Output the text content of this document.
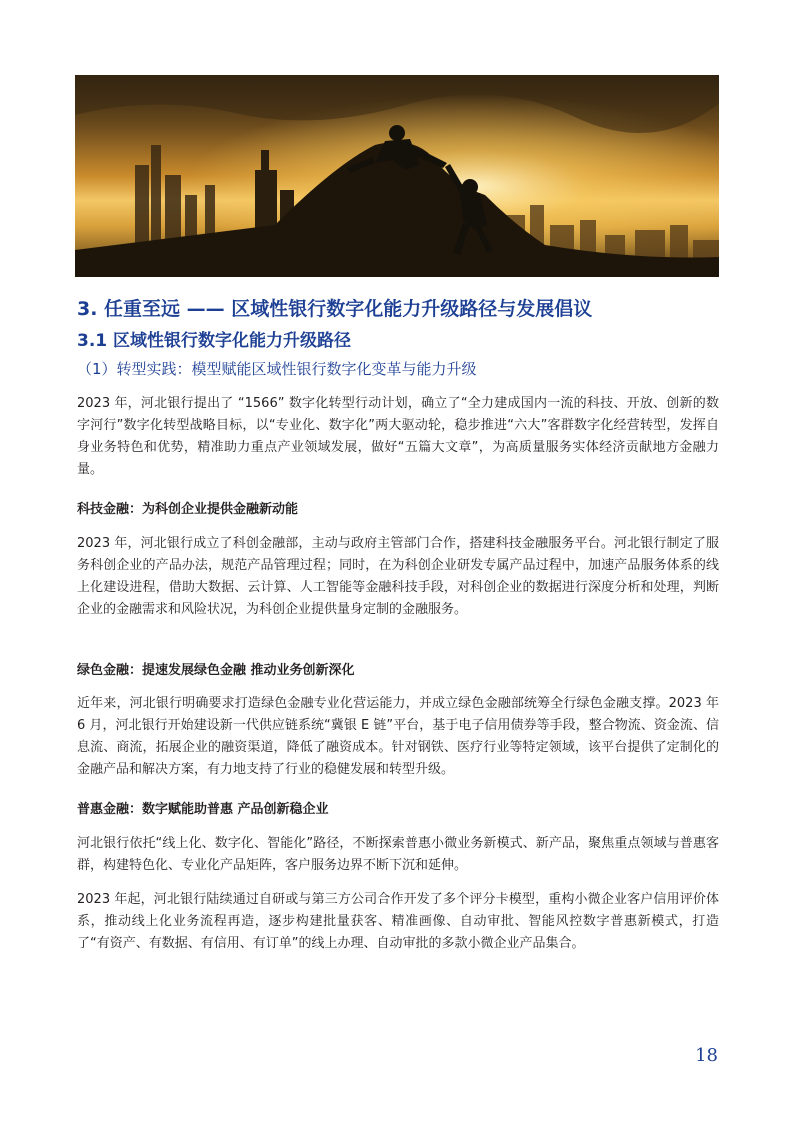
3. 任重至远 —— 区域性银行数字化能力升级路径与发展倡议
3.1 区域性银行数字化能力升级路径
（1）转型实践：模型赋能区域性银行数字化变革与能力升级

2023 年，河北银行提出了 “1566” 数字化转型行动计划，确立了“全力建成国内一流的科技、开放、创新的数字河行”数字化转型战略目标，以“专业化、数字化”两大驱动轮，稳步推进“六大”客群数字化经营转型，发挥自身业务特色和优势，精准助力重点产业领域发展，做好“五篇大文章”，为高质量服务实体经济贡献地方金融力量。

科技金融：为科创企业提供金融新动能

2023 年，河北银行成立了科创金融部，主动与政府主管部门合作，搭建科技金融服务平台。河北银行制定了服务科创企业的产品办法，规范产品管理过程；同时，在为科创企业研发专属产品过程中，加速产品服务体系的线上化建设进程，借助大数据、云计算、人工智能等金融科技手段，对科创企业的数据进行深度分析和处理，判断企业的金融需求和风险状况，为科创企业提供量身定制的金融服务。

绿色金融：提速发展绿色金融 推动业务创新深化

近年来，河北银行明确要求打造绿色金融专业化营运能力，并成立绿色金融部统筹全行绿色金融支撑。2023 年 6 月，河北银行开始建设新一代供应链系统“冀银 E 链”平台，基于电子信用债券等手段，整合物流、资金流、信息流、商流，拓展企业的融资渠道，降低了融资成本。针对钢铁、医疗行业等特定领域，该平台提供了定制化的金融产品和解决方案，有力地支持了行业的稳健发展和转型升级。

普惠金融：数字赋能助普惠 产品创新稳企业

河北银行依托“线上化、数字化、智能化”路径，不断探索普惠小微业务新模式、新产品，聚焦重点领域与普惠客群，构建特色化、专业化产品矩阵，客户服务边界不断下沉和延伸。

2023 年起，河北银行陆续通过自研或与第三方公司合作开发了多个评分卡模型，重构小微企业客户信用评价体系，推动线上化业务流程再造，逐步构建批量获客、精准画像、自动审批、智能风控数字普惠新模式，打造了“有资产、有数据、有信用、有订单”的线上办理、自动审批的多款小微企业产品集合。

18
